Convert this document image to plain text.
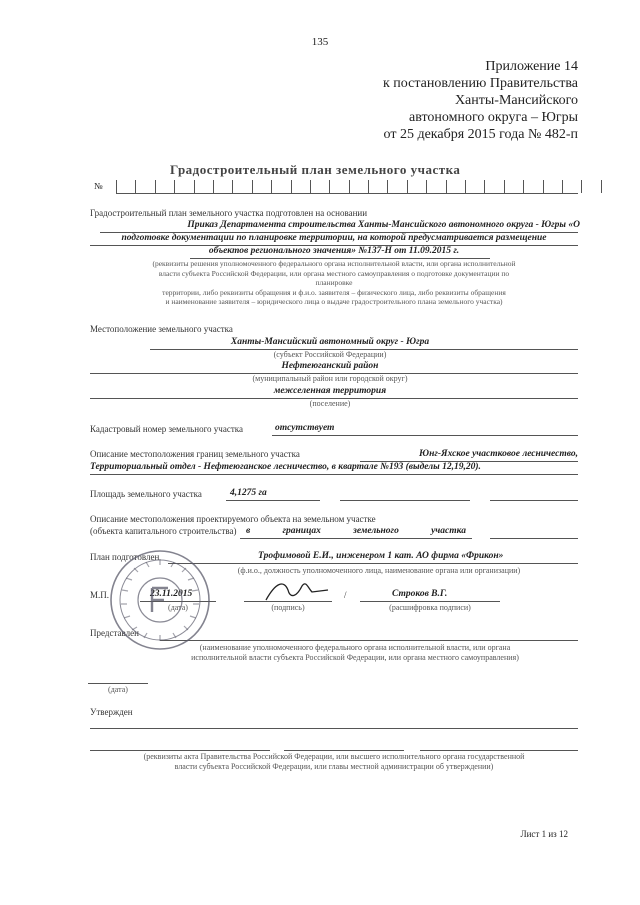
135
Приложение 14
к постановлению Правительства
Ханты-Мансийского
автономного округа – Югры
от 25 декабря 2015 года № 482-п
Градостроительный план земельного участка
№
Градостроительный план земельного участка подготовлен на основании
Приказ Департамента строительства Ханты-Мансийского автономного округа - Югры «О
подготовке документации по планировке территории, на которой предусматривается размещение
объектов регионального значения» №137-Н от 11.09.2015 г.
(реквизиты решения уполномоченного федерального органа исполнительной власти, или органа исполнительной
власти субъекта Российской Федерации, или органа местного самоуправления о подготовке документации по
планировке
территории, либо реквизиты обращения и ф.и.о. заявителя – физического лица, либо реквизиты обращения
и наименование заявителя – юридического лица о выдаче градостроительного плана земельного участка)
Местоположение земельного участка
Ханты-Мансийский автономный округ - Югра
(субъект Российской Федерации)
Нефтеюганский район
(муниципальный район или городской округ)
межселенная территория
(поселение)
Кадастровый номер земельного участка	отсутствует
Описание местоположения границ земельного участка	Юнг-Яхское участковое лесничество,
Территориальный отдел - Нефтеюганское лесничество, в квартале №193 (выделы 12,19,20).
Площадь земельного участка	4,1275 га
Описание местоположения проектируемого объекта на земельном участке
(объекта капитального строительства) в	границах	земельного	участка
План подготовлен	Трофимовой Е.И., инженером 1 кат. АО фирма «Фрикон»
(ф.и.о., должность уполномоченного лица, наименование органа или организации)
М.П.	23.11.2015
(дата)	(подпись)
/	Строков В.Г.
(расшифровка подписи)
Представлен
(наименование уполномоченного федерального органа исполнительной власти, или органа
исполнительной власти субъекта Российской Федерации, или органа местного самоуправления)
(дата)
Утвержден
(реквизиты акта Правительства Российской Федерации, или высшего исполнительного органа государственной
власти субъекта Российской Федерации, или главы местной администрации об утверждении)
Лист 1 из 12
